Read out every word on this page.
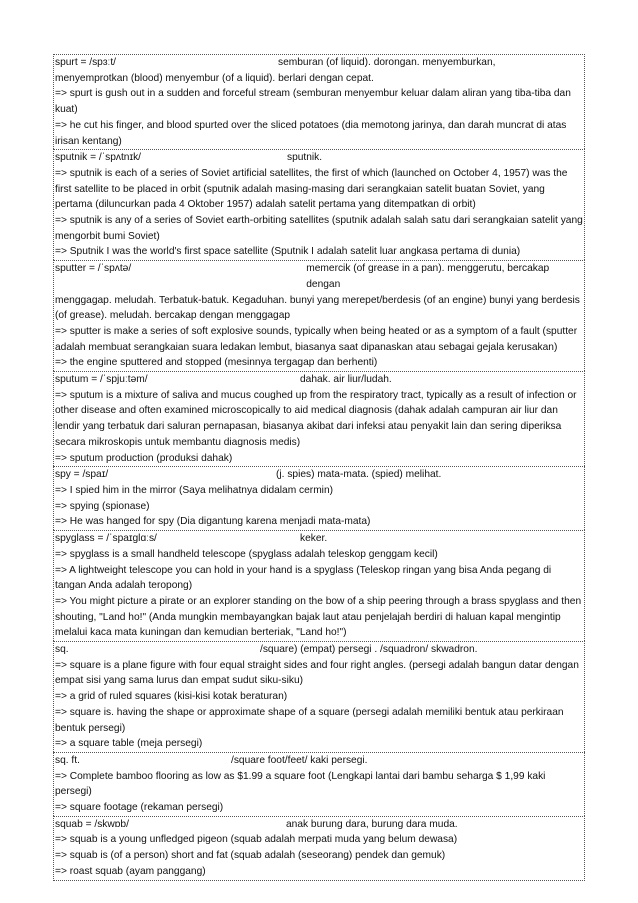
spurt = /spɜːt/	semburan (of liquid). dorongan. menyemburkan,
menyemprotkan (blood) menyembur (of a liquid). berlari dengan cepat.
=> spurt is gush out in a sudden and forceful stream (semburan menyembur keluar dalam aliran yang tiba-tiba dan kuat)
=> he cut his finger, and blood spurted over the sliced potatoes (dia memotong jarinya, dan darah muncrat di atas irisan kentang)
sputnik = /ˈspʌtnɪk/	sputnik.
=> sputnik is each of a series of Soviet artificial satellites, the first of which (launched on October 4, 1957) was the first satellite to be placed in orbit (sputnik adalah masing-masing dari serangkaian satelit buatan Soviet, yang pertama (diluncurkan pada 4 Oktober 1957) adalah satelit pertama yang ditempatkan di orbit)
=> sputnik is any of a series of Soviet earth-orbiting satellites (sputnik adalah salah satu dari serangkaian satelit yang mengorbit bumi Soviet)
=> Sputnik I was the world's first space satellite (Sputnik I adalah satelit luar angkasa pertama di dunia)
sputter = /ˈspʌtə/	memercik (of grease in a pan). menggerutu, bercakap dengan
menggagap. meludah. Terbatuk-batuk. Kegaduhan. bunyi yang merepet/berdesis (of an engine) bunyi yang berdesis (of grease). meludah. bercakap dengan menggagap
=> sputter is make a series of soft explosive sounds, typically when being heated or as a symptom of a fault (sputter adalah membuat serangkaian suara ledakan lembut, biasanya saat dipanaskan atau sebagai gejala kerusakan)
=> the engine sputtered and stopped (mesinnya tergagap dan berhenti)
sputum = /ˈspjuːtəm/	dahak. air liur/ludah.
=> sputum is a mixture of saliva and mucus coughed up from the respiratory tract, typically as a result of infection or other disease and often examined microscopically to aid medical diagnosis (dahak adalah campuran air liur dan lendir yang terbatuk dari saluran pernapasan, biasanya akibat dari infeksi atau penyakit lain dan sering diperiksa secara mikroskopis untuk membantu diagnosis medis)
=> sputum production (produksi dahak)
spy = /spaɪ/	(j. spies) mata-mata. (spied) melihat.
=> I spied him in the mirror (Saya melihatnya didalam cermin)
=> spying (spionase)
=> He was hanged for spy (Dia digantung karena menjadi mata-mata)
spyglass = /ˈspaɪɡlɑːs/	keker.
=> spyglass is a small handheld telescope (spyglass adalah teleskop genggam kecil)
=> A lightweight telescope you can hold in your hand is a spyglass (Teleskop ringan yang bisa Anda pegang di tangan Anda adalah teropong)
=> You might picture a pirate or an explorer standing on the bow of a ship peering through a brass spyglass and then shouting, "Land ho!" (Anda mungkin membayangkan bajak laut atau penjelajah berdiri di haluan kapal mengintip melalui kaca mata kuningan dan kemudian berteriak, "Land ho!")
sq.	/square) (empat) persegi . /squadron/ skwadron.
=> square is a plane figure with four equal straight sides and four right angles. (persegi adalah bangun datar dengan empat sisi yang sama lurus dan empat sudut siku-siku)
=> a grid of ruled squares (kisi-kisi kotak beraturan)
=> square is. having the shape or approximate shape of a square (persegi adalah memiliki bentuk atau perkiraan bentuk persegi)
=> a square table (meja persegi)
sq. ft.	/square foot/feet/ kaki persegi.
=> Complete bamboo flooring as low as $1.99 a square foot (Lengkapi lantai dari bambu seharga $ 1,99 kaki persegi)
=> square footage (rekaman persegi)
squab = /skwɒb/	anak burung dara, burung dara muda.
=> squab is a young unfledged pigeon (squab adalah merpati muda yang belum dewasa)
=> squab is (of a person) short and fat (squab adalah (seseorang) pendek dan gemuk)
=> roast squab (ayam panggang)
